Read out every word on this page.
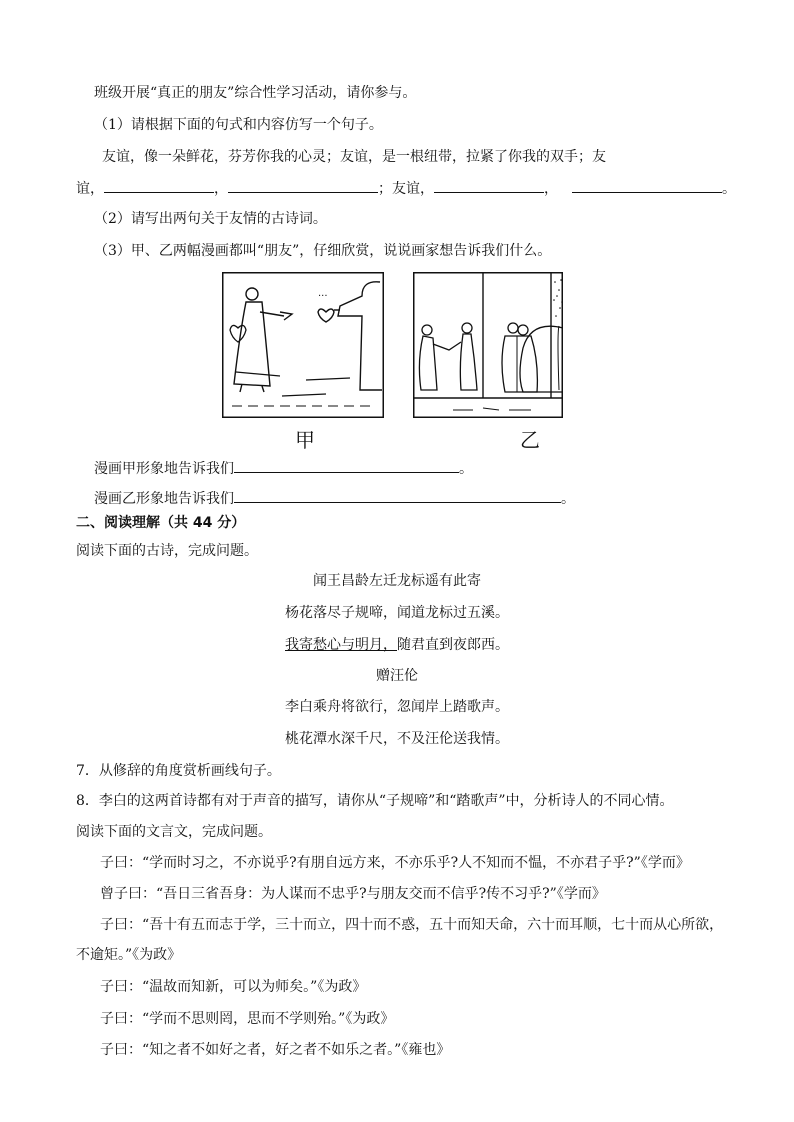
班级开展“真正的朋友”综合性学习活动，请你参与。
（1）请根据下面的句式和内容仿写一个句子。
友谊，像一朵鲜花，芬芳你我的心灵；友谊，是一根纽带，拉紧了你我的双手；友
谊，	，	；友谊，	，	。
（2）请写出两句关于友情的古诗词。
（3）甲、乙两幅漫画都叫“朋友”，仔细欣赏，说说画家想告诉我们什么。
...
甲	乙
漫画甲形象地告诉我们	。
漫画乙形象地告诉我们	。
二、阅读理解（共 44 分）
阅读下面的古诗，完成问题。
闻王昌龄左迁龙标遥有此寄
杨花落尽子规啼，闻道龙标过五溪。
我寄愁心与明月，随君直到夜郎西。
赠汪伦
李白乘舟将欲行，忽闻岸上踏歌声。
桃花潭水深千尺，不及汪伦送我情。
7．从修辞的角度赏析画线句子。
8．李白的这两首诗都有对于声音的描写，请你从“子规啼”和“踏歌声”中，分析诗人的不同心情。
阅读下面的文言文，完成问题。
子曰：“学而时习之，不亦说乎?有朋自远方来，不亦乐乎?人不知而不愠，不亦君子乎?”《学而》
曾子曰：“吾日三省吾身：为人谋而不忠乎?与朋友交而不信乎?传不习乎?”《学而》
子曰：“吾十有五而志于学，三十而立，四十而不惑，五十而知天命，六十而耳顺，七十而从心所欲，
不逾矩。”《为政》
子曰：“温故而知新，可以为师矣。”《为政》
子曰：“学而不思则罔，思而不学则殆。”《为政》
子曰：“知之者不如好之者，好之者不如乐之者。”《雍也》
